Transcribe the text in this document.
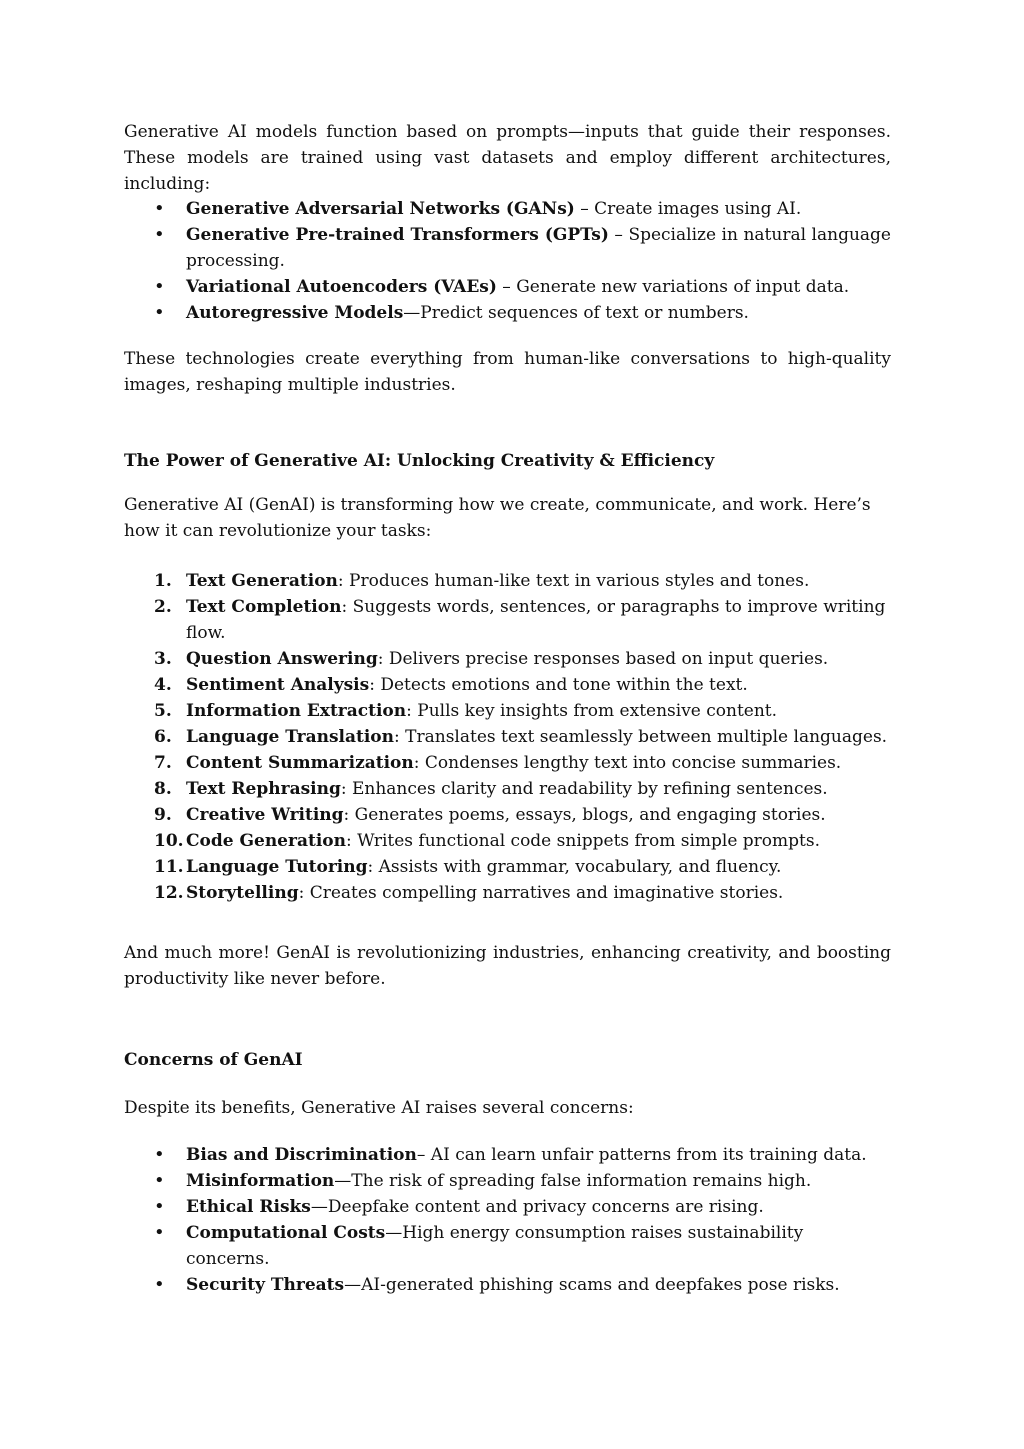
Generative AI models function based on prompts—inputs that guide their responses. These models are trained using vast datasets and employ different architectures, including:

• Generative Adversarial Networks (GANs) – Create images using AI.
• Generative Pre-trained Transformers (GPTs) – Specialize in natural language processing.
• Variational Autoencoders (VAEs) – Generate new variations of input data.
• Autoregressive Models—Predict sequences of text or numbers.

These technologies create everything from human-like conversations to high-quality images, reshaping multiple industries.

The Power of Generative AI: Unlocking Creativity & Efficiency

Generative AI (GenAI) is transforming how we create, communicate, and work. Here’s how it can revolutionize your tasks:

1. Text Generation: Produces human-like text in various styles and tones.
2. Text Completion: Suggests words, sentences, or paragraphs to improve writing flow.
3. Question Answering: Delivers precise responses based on input queries.
4. Sentiment Analysis: Detects emotions and tone within the text.
5. Information Extraction: Pulls key insights from extensive content.
6. Language Translation: Translates text seamlessly between multiple languages.
7. Content Summarization: Condenses lengthy text into concise summaries.
8. Text Rephrasing: Enhances clarity and readability by refining sentences.
9. Creative Writing: Generates poems, essays, blogs, and engaging stories.
10. Code Generation: Writes functional code snippets from simple prompts.
11. Language Tutoring: Assists with grammar, vocabulary, and fluency.
12. Storytelling: Creates compelling narratives and imaginative stories.

And much more! GenAI is revolutionizing industries, enhancing creativity, and boosting productivity like never before.

Concerns of GenAI

Despite its benefits, Generative AI raises several concerns:

• Bias and Discrimination– AI can learn unfair patterns from its training data.
• Misinformation—The risk of spreading false information remains high.
• Ethical Risks—Deepfake content and privacy concerns are rising.
• Computational Costs—High energy consumption raises sustainability concerns.
• Security Threats—AI-generated phishing scams and deepfakes pose risks.
